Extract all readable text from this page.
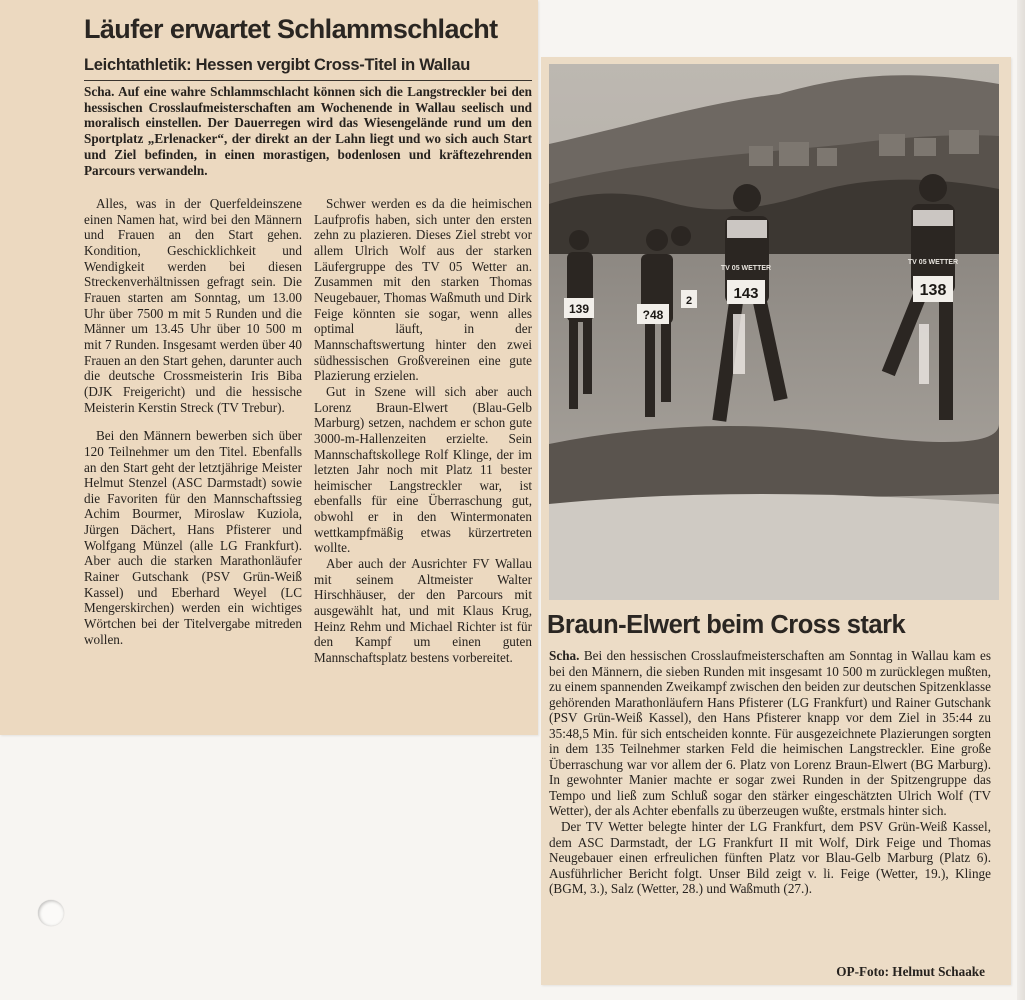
Läufer erwartet Schlammschlacht
Leichtathletik: Hessen vergibt Cross-Titel in Wallau
Scha. Auf eine wahre Schlammschlacht können sich die Langstreckler bei den hessischen Crosslaufmeisterschaften am Wochenende in Wallau seelisch und moralisch einstellen. Der Dauerregen wird das Wiesengelände rund um den Sportplatz „Erlenacker“, der direkt an der Lahn liegt und wo sich auch Start und Ziel befinden, in einen morastigen, bodenlosen und kräftezehrenden Parcours verwandeln.

Alles, was in der Querfeldeinszene einen Namen hat, wird bei den Männern und Frauen an den Start gehen. Kondition, Geschicklichkeit und Wendigkeit werden bei diesen Streckenverhältnissen gefragt sein. Die Frauen starten am Sonntag, um 13.00 Uhr über 7500 m mit 5 Runden und die Männer um 13.45 Uhr über 10 500 m mit 7 Runden. Insgesamt werden über 40 Frauen an den Start gehen, darunter auch die deutsche Crossmeisterin Iris Biba (DJK Freigericht) und die hessische Meisterin Kerstin Streck (TV Trebur).

Bei den Männern bewerben sich über 120 Teilnehmer um den Titel. Ebenfalls an den Start geht der letztjährige Meister Helmut Stenzel (ASC Darmstadt) sowie die Favoriten für den Mannschaftssieg Achim Bourmer, Miroslaw Kuziola, Jürgen Dächert, Hans Pfisterer und Wolfgang Münzel (alle LG Frankfurt). Aber auch die starken Marathonläufer Rainer Gutschank (PSV Grün-Weiß Kassel) und Eberhard Weyel (LC Mengerskirchen) werden ein wichtiges Wörtchen bei der Titelvergabe mitreden wollen.

Schwer werden es da die heimischen Laufprofis haben, sich unter den ersten zehn zu plazieren. Dieses Ziel strebt vor allem Ulrich Wolf aus der starken Läufergruppe des TV 05 Wetter an. Zusammen mit den starken Thomas Neugebauer, Thomas Waßmuth und Dirk Feige könnten sie sogar, wenn alles optimal läuft, in der Mannschaftswertung hinter den zwei südhessischen Großvereinen eine gute Plazierung erzielen.

Gut in Szene will sich aber auch Lorenz Braun-Elwert (Blau-Gelb Marburg) setzen, nachdem er schon gute 3000-m-Hallenzeiten erzielte. Sein Mannschaftskollege Rolf Klinge, der im letzten Jahr noch mit Platz 11 bester heimischer Langstreckler war, ist ebenfalls für eine Überraschung gut, obwohl er in den Wintermonaten wettkampfmäßig etwas kürzertreten wollte.

Aber auch der Ausrichter FV Wallau mit seinem Altmeister Walter Hirschhäuser, der den Parcours mit ausgewählt hat, und mit Klaus Krug, Heinz Rehm und Michael Richter ist für den Kampf um einen guten Mannschaftsplatz bestens vorbereitet.

139	?48
2	143	138
TV 05 WETTER
TV 05 WETTER
Braun-Elwert beim Cross stark

Scha. Bei den hessischen Crosslaufmeisterschaften am Sonntag in Wallau kam es bei den Männern, die sieben Runden mit insgesamt 10 500 m zurücklegen mußten, zu einem spannenden Zweikampf zwischen den beiden zur deutschen Spitzenklasse gehörenden Marathonläufern Hans Pfisterer (LG Frankfurt) und Rainer Gutschank (PSV Grün-Weiß Kassel), den Hans Pfisterer knapp vor dem Ziel in 35:44 zu 35:48,5 Min. für sich entscheiden konnte. Für ausgezeichnete Plazierungen sorgten in dem 135 Teilnehmer starken Feld die heimischen Langstreckler. Eine große Überraschung war vor allem der 6. Platz von Lorenz Braun-Elwert (BG Marburg). In gewohnter Manier machte er sogar zwei Runden in der Spitzengruppe das Tempo und ließ zum Schluß sogar den stärker eingeschätzten Ulrich Wolf (TV Wetter), der als Achter ebenfalls zu überzeugen wußte, erstmals hinter sich.

Der TV Wetter belegte hinter der LG Frankfurt, dem PSV Grün-Weiß Kassel, dem ASC Darmstadt, der LG Frankfurt II mit Wolf, Dirk Feige und Thomas Neugebauer einen erfreulichen fünften Platz vor Blau-Gelb Marburg (Platz 6). Ausführlicher Bericht folgt. Unser Bild zeigt v. li. Feige (Wetter, 19.), Klinge (BGM, 3.), Salz (Wetter, 28.) und Waßmuth (27.).

OP-Foto: Helmut Schaake
